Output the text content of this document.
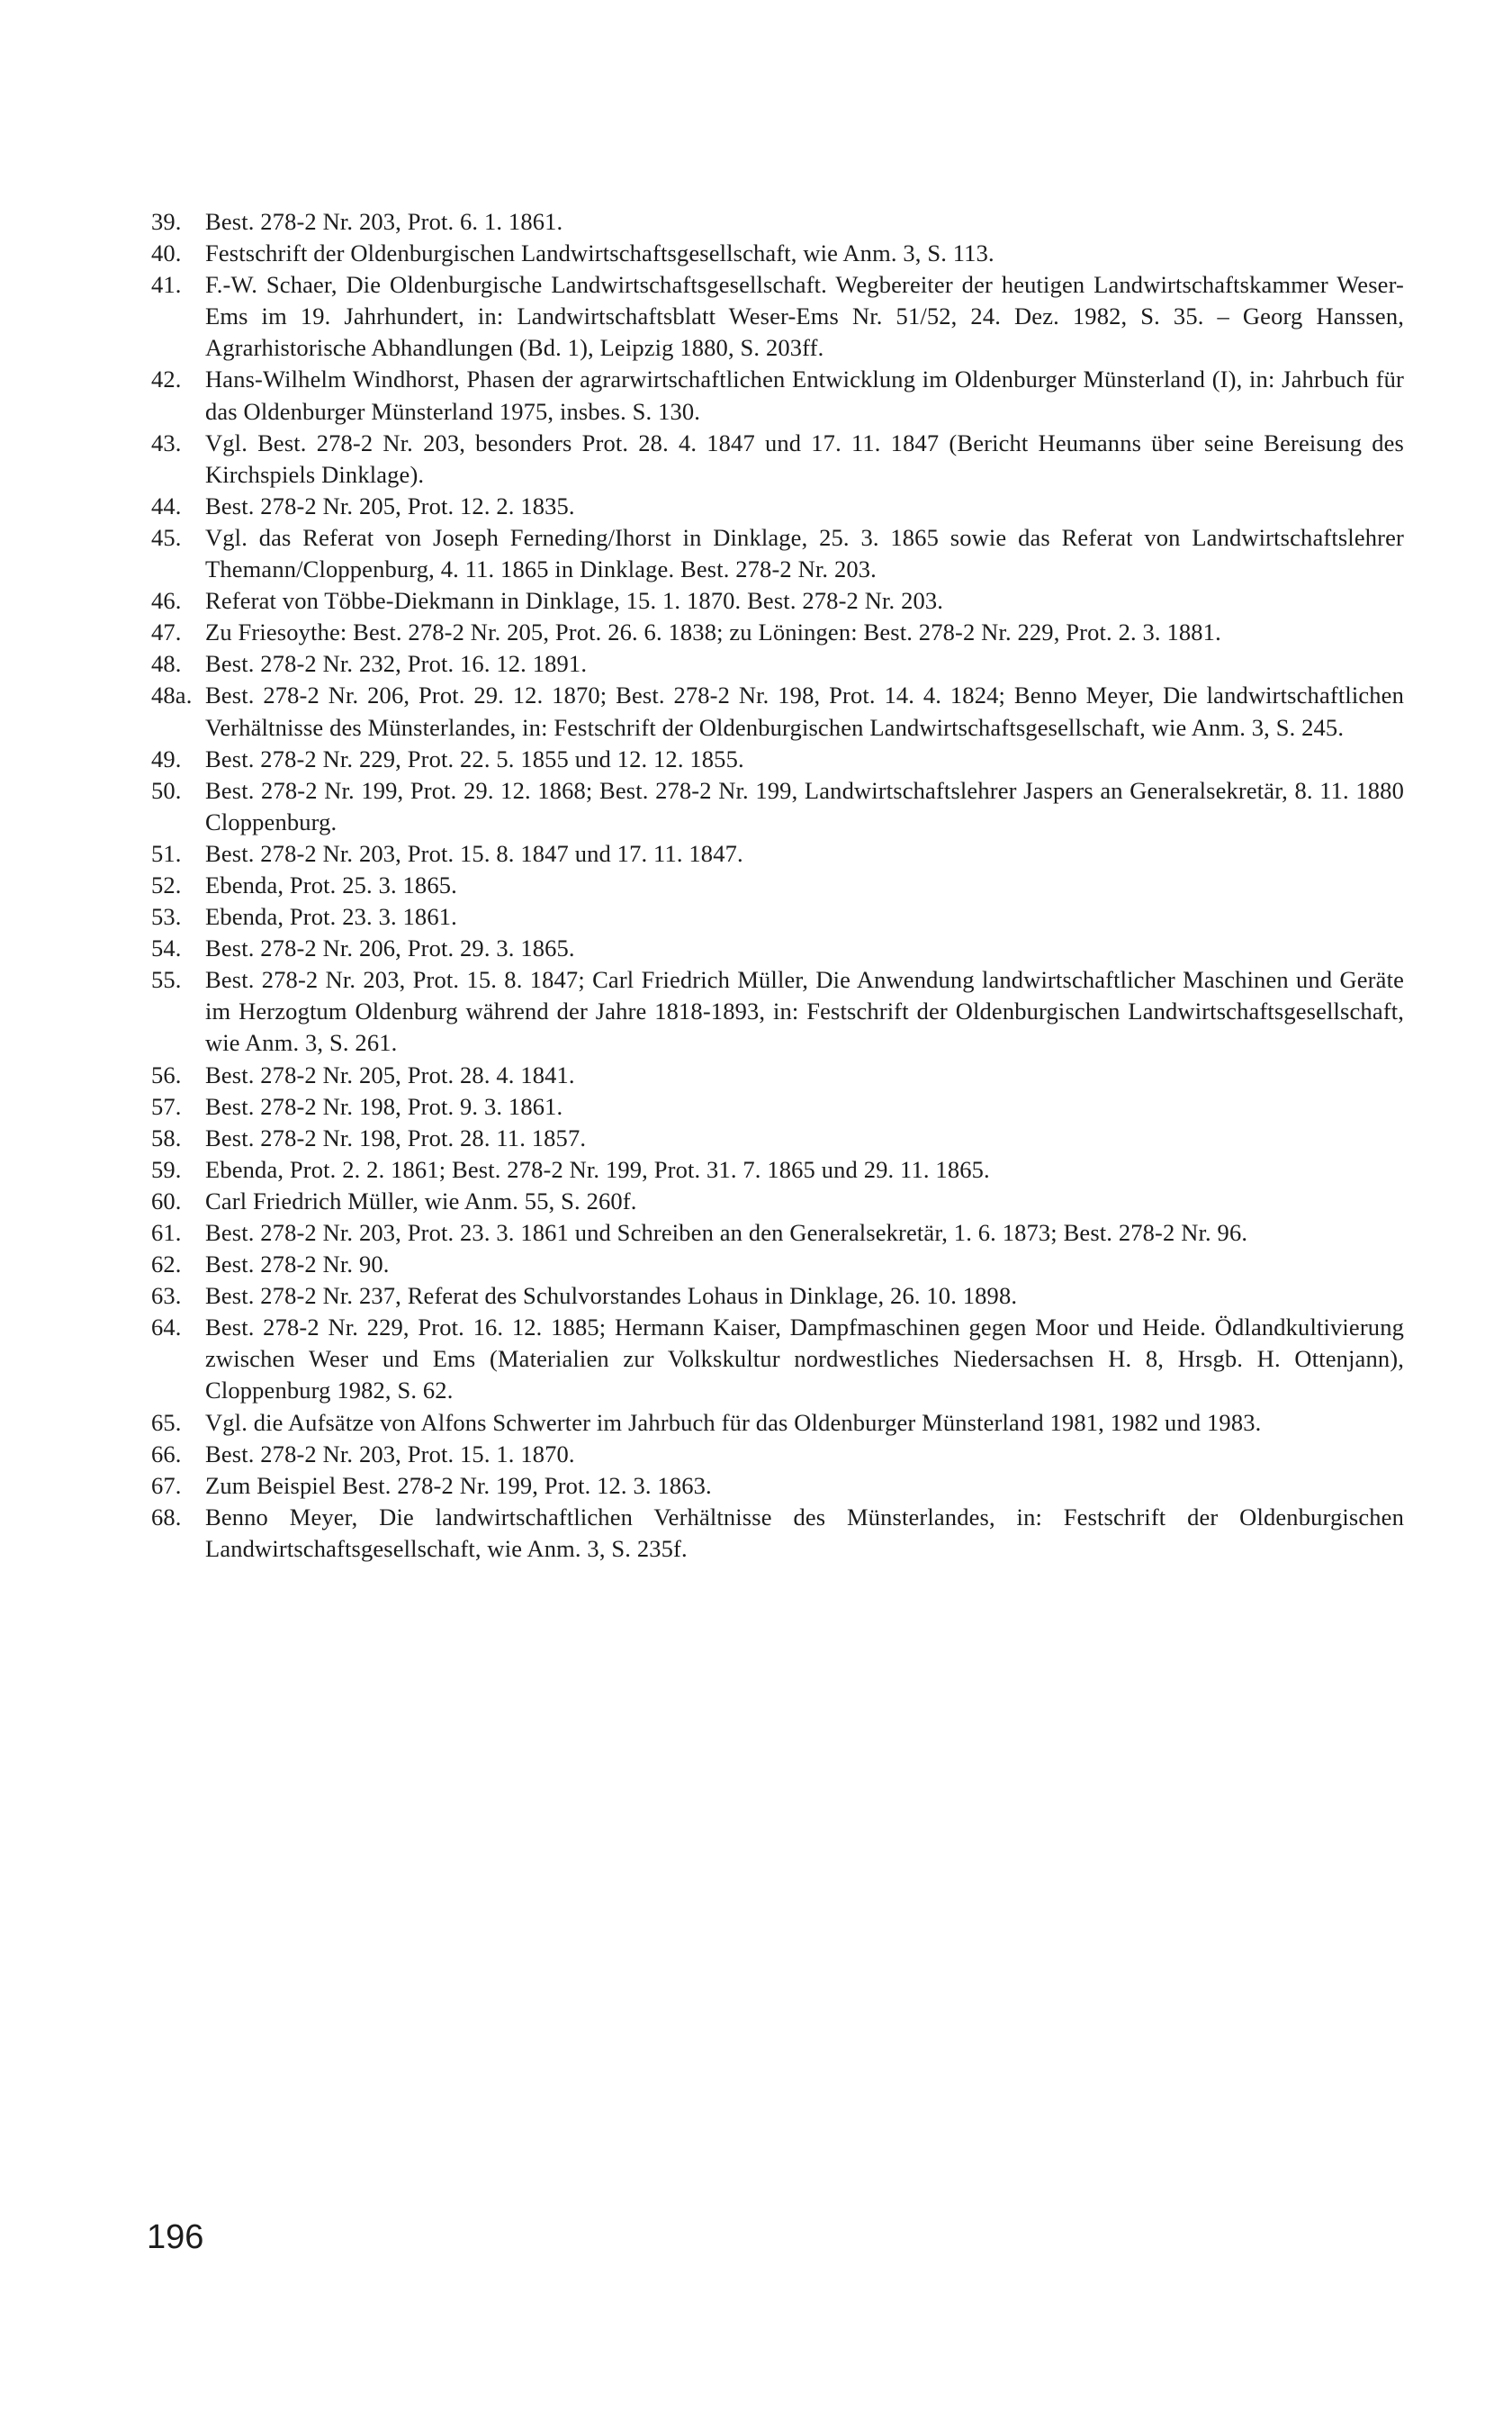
39. Best. 278-2 Nr. 203, Prot. 6. 1. 1861.
40. Festschrift der Oldenburgischen Landwirtschaftsgesellschaft, wie Anm. 3, S. 113.
41. F.-W. Schaer, Die Oldenburgische Landwirtschaftsgesellschaft. Wegbereiter der heutigen Landwirtschaftskammer Weser-Ems im 19. Jahrhundert, in: Landwirtschaftsblatt Weser-Ems Nr. 51/52, 24. Dez. 1982, S. 35. – Georg Hanssen, Agrarhistorische Abhandlungen (Bd. 1), Leipzig 1880, S. 203ff.
42. Hans-Wilhelm Windhorst, Phasen der agrarwirtschaftlichen Entwicklung im Oldenburger Münsterland (I), in: Jahrbuch für das Oldenburger Münsterland 1975, insbes. S. 130.
43. Vgl. Best. 278-2 Nr. 203, besonders Prot. 28. 4. 1847 und 17. 11. 1847 (Bericht Heumanns über seine Bereisung des Kirchspiels Dinklage).
44. Best. 278-2 Nr. 205, Prot. 12. 2. 1835.
45. Vgl. das Referat von Joseph Ferneding/Ihorst in Dinklage, 25. 3. 1865 sowie das Referat von Landwirtschaftslehrer Themann/Cloppenburg, 4. 11. 1865 in Dinklage. Best. 278-2 Nr. 203.
46. Referat von Többe-Diekmann in Dinklage, 15. 1. 1870. Best. 278-2 Nr. 203.
47. Zu Friesoythe: Best. 278-2 Nr. 205, Prot. 26. 6. 1838; zu Löningen: Best. 278-2 Nr. 229, Prot. 2. 3. 1881.
48. Best. 278-2 Nr. 232, Prot. 16. 12. 1891.
48a. Best. 278-2 Nr. 206, Prot. 29. 12. 1870; Best. 278-2 Nr. 198, Prot. 14. 4. 1824; Benno Meyer, Die landwirtschaftlichen Verhältnisse des Münsterlandes, in: Festschrift der Oldenburgischen Landwirtschaftsgesellschaft, wie Anm. 3, S. 245.
49. Best. 278-2 Nr. 229, Prot. 22. 5. 1855 und 12. 12. 1855.
50. Best. 278-2 Nr. 199, Prot. 29. 12. 1868; Best. 278-2 Nr. 199, Landwirtschaftslehrer Jaspers an Generalsekretär, 8. 11. 1880 Cloppenburg.
51. Best. 278-2 Nr. 203, Prot. 15. 8. 1847 und 17. 11. 1847.
52. Ebenda, Prot. 25. 3. 1865.
53. Ebenda, Prot. 23. 3. 1861.
54. Best. 278-2 Nr. 206, Prot. 29. 3. 1865.
55. Best. 278-2 Nr. 203, Prot. 15. 8. 1847; Carl Friedrich Müller, Die Anwendung landwirtschaftlicher Maschinen und Geräte im Herzogtum Oldenburg während der Jahre 1818-1893, in: Festschrift der Oldenburgischen Landwirtschaftsgesellschaft, wie Anm. 3, S. 261.
56. Best. 278-2 Nr. 205, Prot. 28. 4. 1841.
57. Best. 278-2 Nr. 198, Prot. 9. 3. 1861.
58. Best. 278-2 Nr. 198, Prot. 28. 11. 1857.
59. Ebenda, Prot. 2. 2. 1861; Best. 278-2 Nr. 199, Prot. 31. 7. 1865 und 29. 11. 1865.
60. Carl Friedrich Müller, wie Anm. 55, S. 260f.
61. Best. 278-2 Nr. 203, Prot. 23. 3. 1861 und Schreiben an den Generalsekretär, 1. 6. 1873; Best. 278-2 Nr. 96.
62. Best. 278-2 Nr. 90.
63. Best. 278-2 Nr. 237, Referat des Schulvorstandes Lohaus in Dinklage, 26. 10. 1898.
64. Best. 278-2 Nr. 229, Prot. 16. 12. 1885; Hermann Kaiser, Dampfmaschinen gegen Moor und Heide. Ödlandkultivierung zwischen Weser und Ems (Materialien zur Volkskultur nordwestliches Niedersachsen H. 8, Hrsgb. H. Ottenjann), Cloppenburg 1982, S. 62.
65. Vgl. die Aufsätze von Alfons Schwerter im Jahrbuch für das Oldenburger Münsterland 1981, 1982 und 1983.
66. Best. 278-2 Nr. 203, Prot. 15. 1. 1870.
67. Zum Beispiel Best. 278-2 Nr. 199, Prot. 12. 3. 1863.
68. Benno Meyer, Die landwirtschaftlichen Verhältnisse des Münsterlandes, in: Festschrift der Oldenburgischen Landwirtschaftsgesellschaft, wie Anm. 3, S. 235f.
196
